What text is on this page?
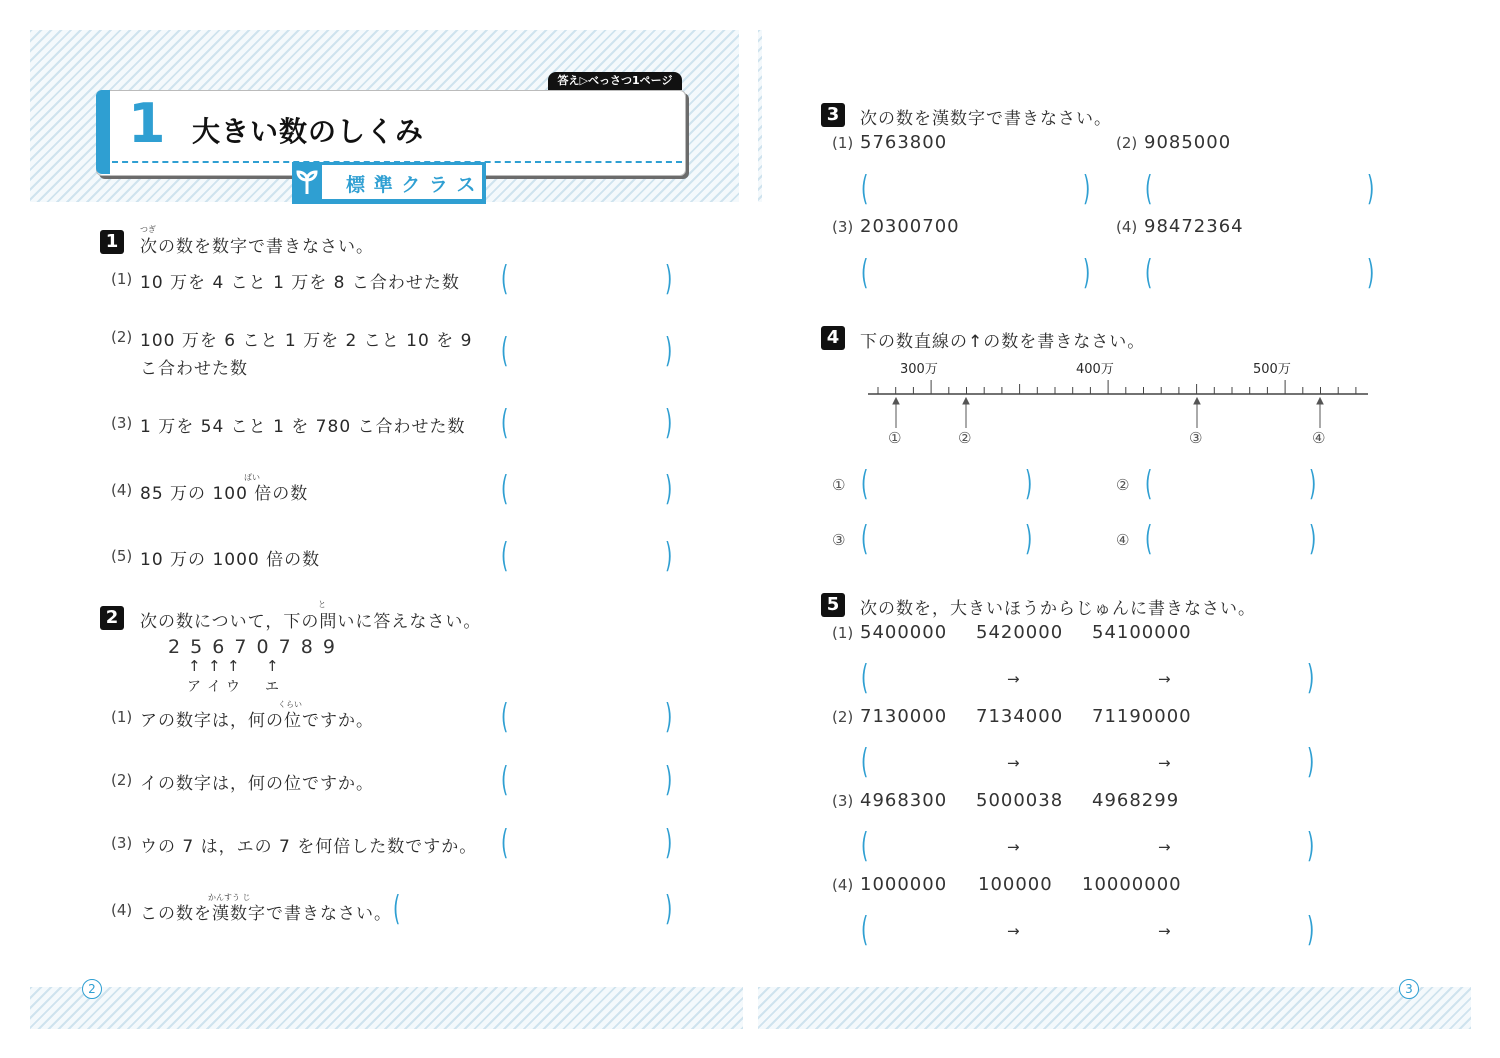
1 大きい数のしくみ
答え▷べっさつ1ページ
標 準 ク ラ ス
1
つぎ
次の数を数字で書きなさい。
(1) 10 万を 4 こと 1 万を 8 こ合わせた数 (	)
(2) 100 万を 6 こと 1 万を 2 こと 10 を 9
こ合わせた数	(	)
(3) 1 万を 54 こと 1 を 780 こ合わせた数 (	)
(4)
ばい
85 万の 100 倍の数	(	)
(5) 10 万の 1000 倍の数	(	)
2
と
次の数について，下の問いに答えなさい。
2 5 6 7 0 7 8 9
↑ ↑ ↑ ↑
ア イ ウ エ
(1)
くらい
アの数字は，何の位ですか。	(	)
(2) イの数字は，何の位ですか。	(	)
(3) ウの 7 は，エの 7 を何倍した数ですか。 (	)
(4)
かんすう じ
この数を漢数字で書きなさい。 (	)
3	次の数を漢数字で書きなさい。
(1) 5763800	(2) 9085000
(	) (	)
(3) 20300700	(4) 98472364
(	) (	)
4	下の数直線の↑の数を書きなさい。
300万	400万	500万
①	②	③	④
① (	)	② (	)
③ (	)	④ (	)
5	次の数を，大きいほうからじゅんに書きなさい。
(1) 5400000 5420000 54100000
(	→	→	)
(2) 7130000 7134000 71190000
(	→	→	)
(3) 4968300 5000038 4968299
(	→	→	)
(4) 1000000 100000 10000000
(	→	→	)
2	3
